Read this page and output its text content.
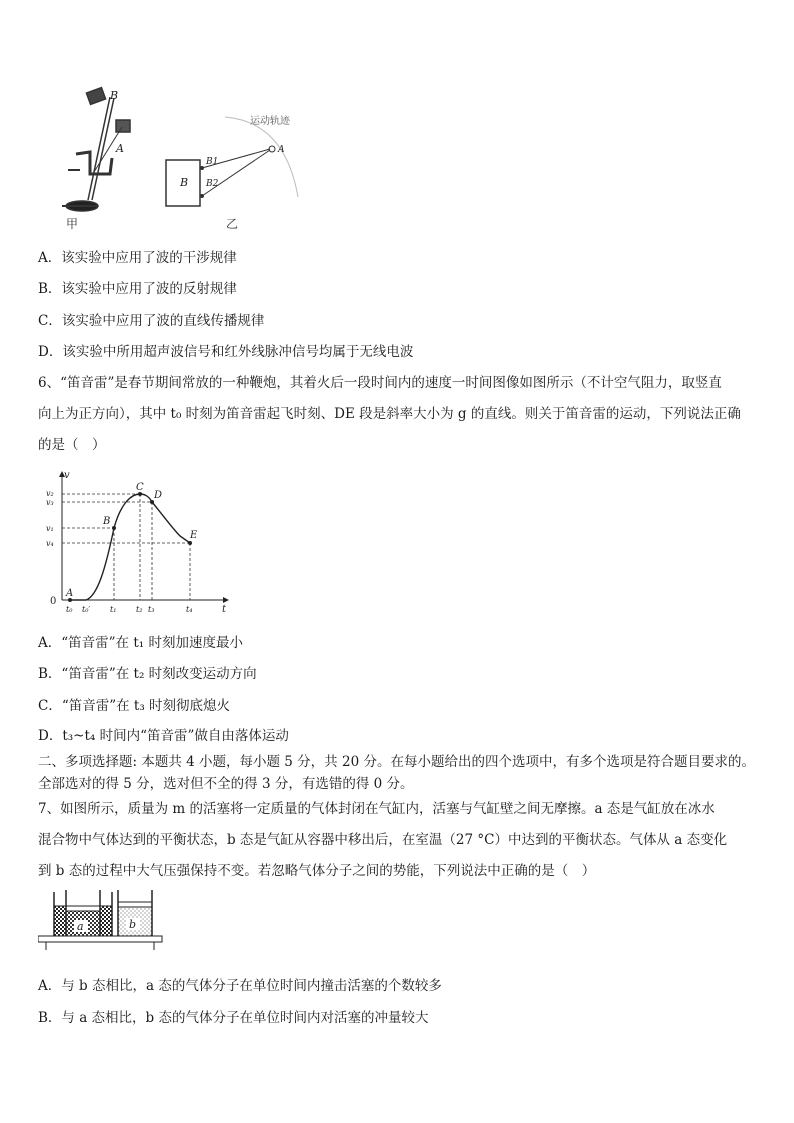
B
A
甲
B
B1
B2
A
运动轨迹
乙
A．该实验中应用了波的干涉规律
B．该实验中应用了波的反射规律
C．该实验中应用了波的直线传播规律
D．该实验中所用超声波信号和红外线脉冲信号均属于无线电波
6、“笛音雷”是春节期间常放的一种鞭炮，其着火后一段时间内的速度一时间图像如图所示（不计空气阻力，取竖直
向上为正方向），其中 t₀ 时刻为笛音雷起飞时刻、DE 段是斜率大小为 g 的直线。则关于笛音雷的运动，下列说法正确
的是（　）
A
B
C
D
E
v
t
0
v₂
v₃
v₁
v₄
t₀ t₀′ t₁ t₂ t₃	t₄
A．“笛音雷”在 t₁ 时刻加速度最小
B．“笛音雷”在 t₂ 时刻改变运动方向
C．“笛音雷”在 t₃ 时刻彻底熄火
D．t₃~t₄ 时间内“笛音雷”做自由落体运动
二、多项选择题: 本题共 4 小题，每小题 5 分，共 20 分。在每小题给出的四个选项中，有多个选项是符合题目要求的。
全部选对的得 5 分，选对但不全的得 3 分，有选错的得 0 分。
7、如图所示，质量为 m 的活塞将一定质量的气体封闭在气缸内，活塞与气缸壁之间无摩擦。a 态是气缸放在冰水
混合物中气体达到的平衡状态，b 态是气缸从容器中移出后，在室温（27 °C）中达到的平衡状态。气体从 a 态变化
到 b 态的过程中大气压强保持不变。若忽略气体分子之间的势能，下列说法中正确的是（　）
a	b
A．与 b 态相比，a 态的气体分子在单位时间内撞击活塞的个数较多
B．与 a 态相比，b 态的气体分子在单位时间内对活塞的冲量较大
